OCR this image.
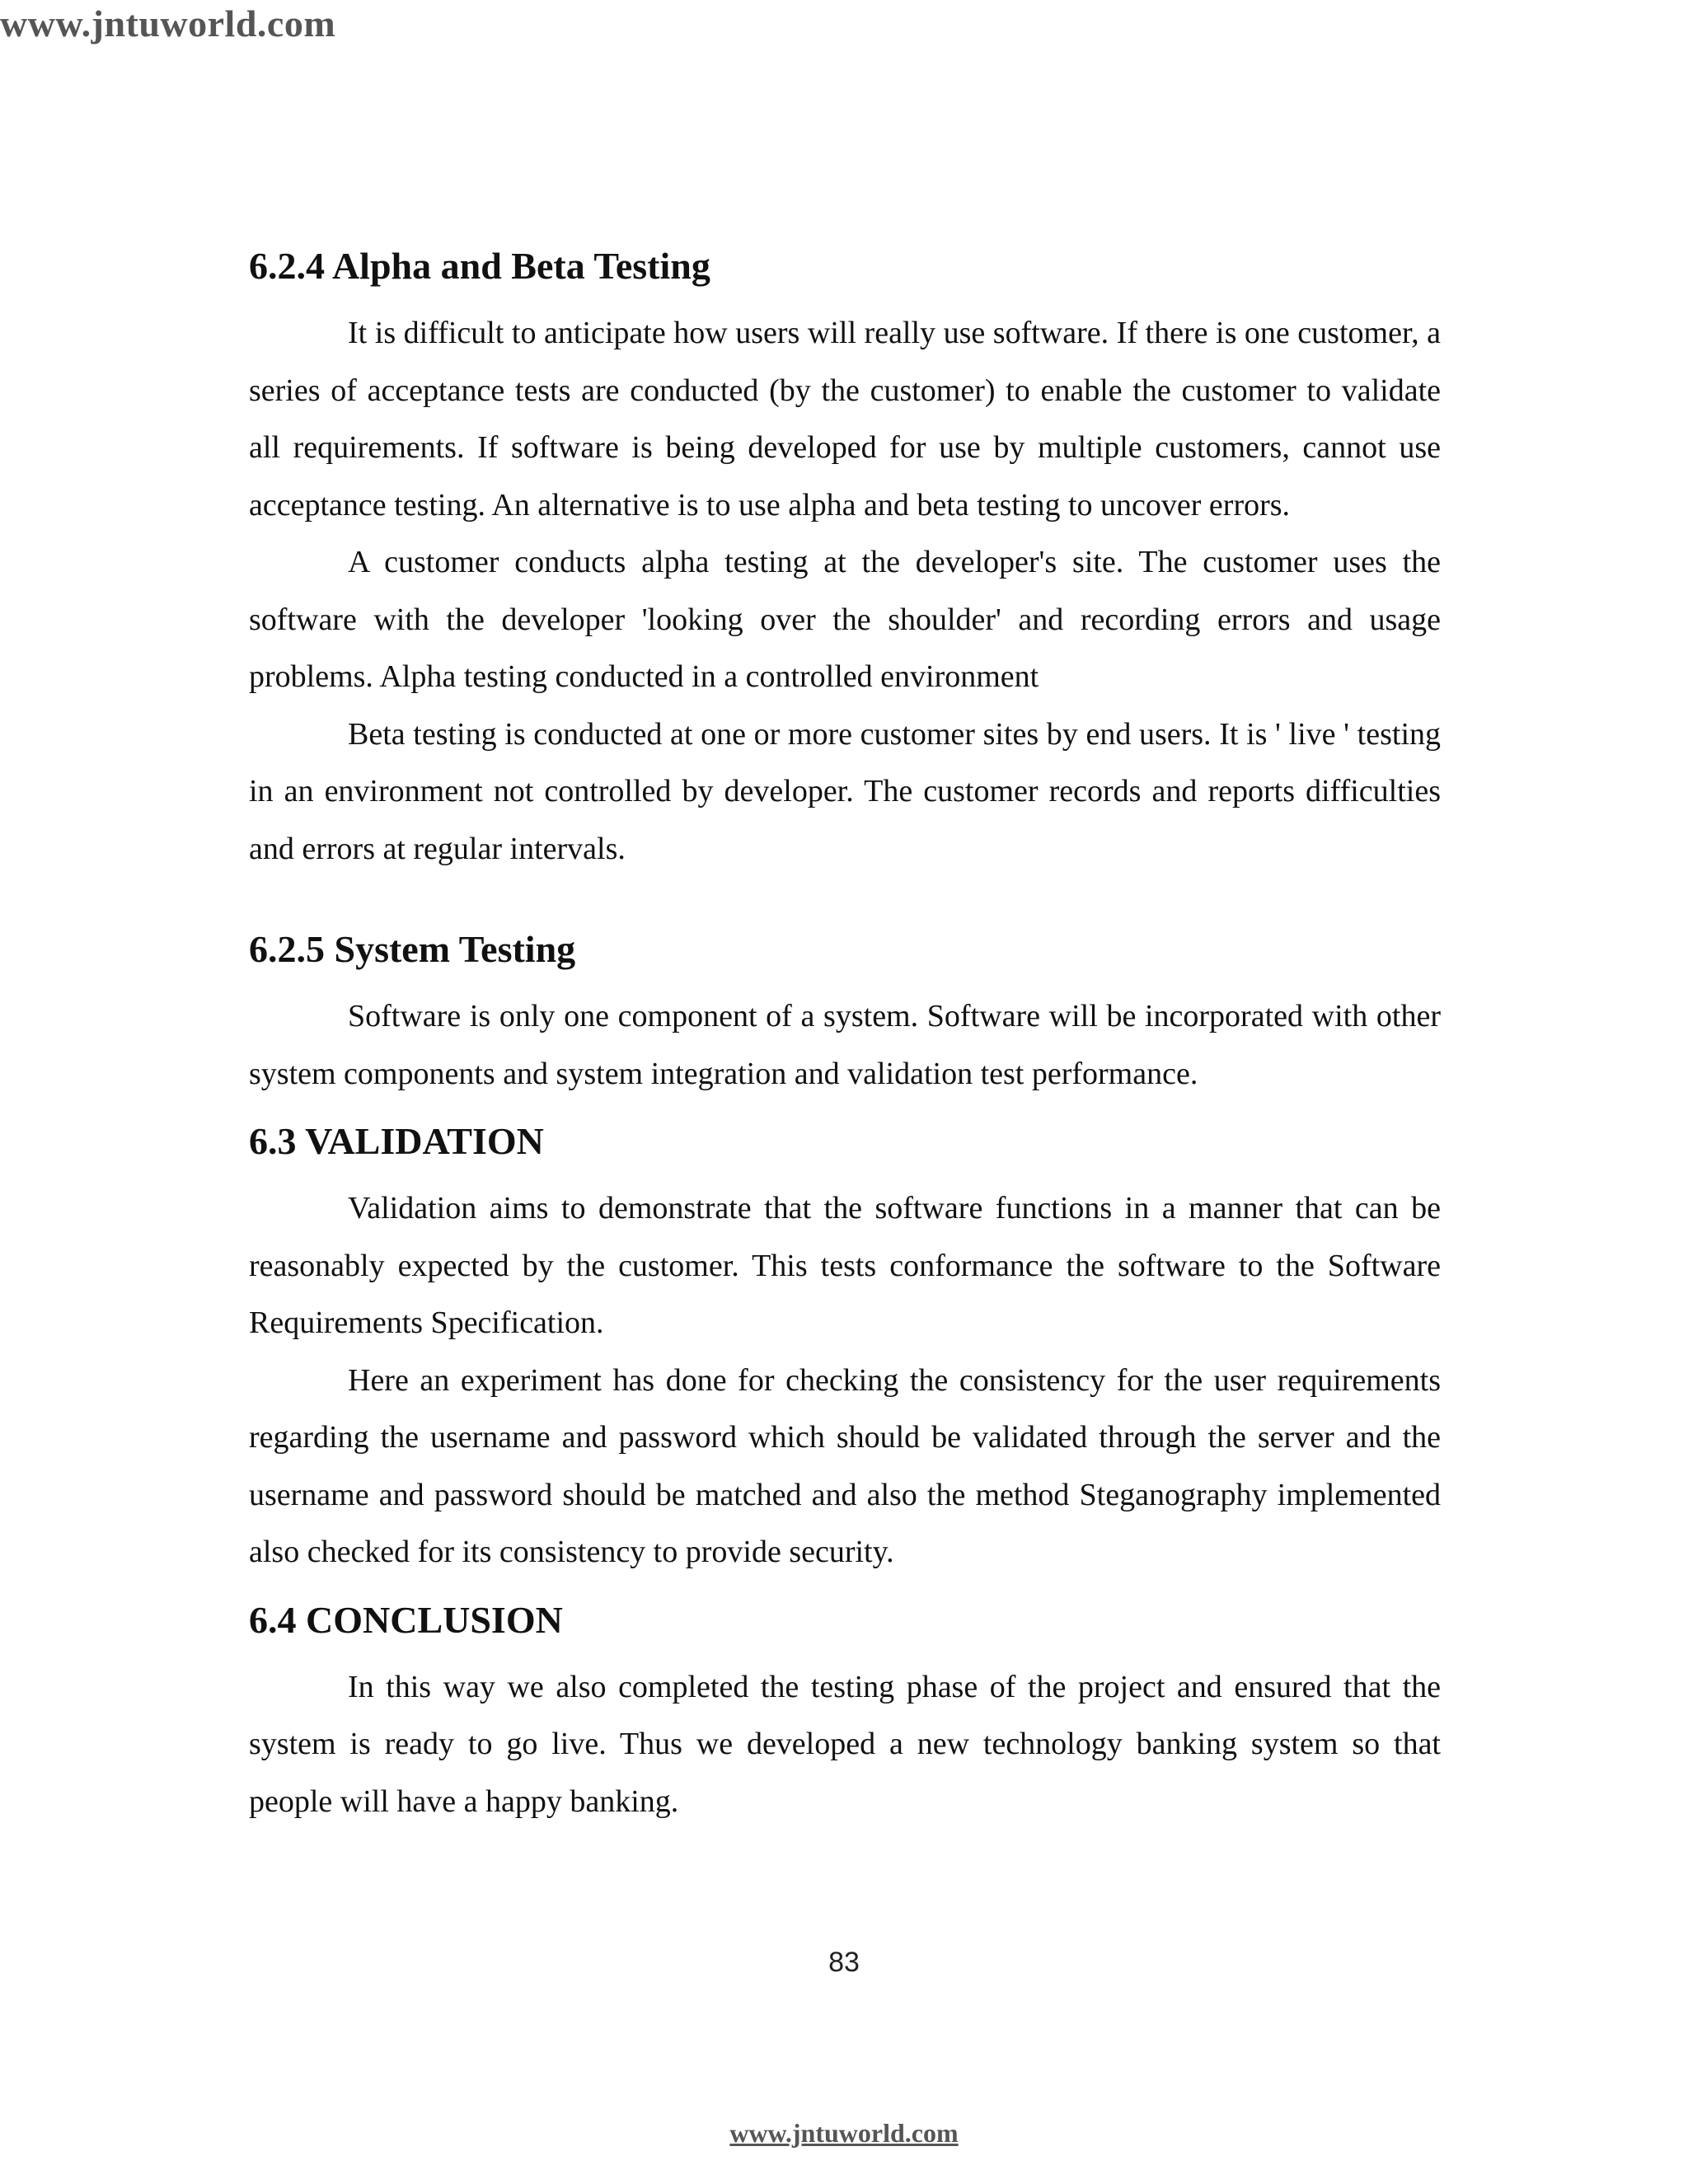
www.jntuworld.com
6.2.4 Alpha and Beta Testing

It is difficult to anticipate how users will really use software. If there is one customer, a series of acceptance tests are conducted (by the customer) to enable the customer to validate all requirements. If software is being developed for use by multiple customers, cannot use acceptance testing. An alternative is to use alpha and beta testing to uncover errors.

A customer conducts alpha testing at the developer's site. The customer uses the software with the developer 'looking over the shoulder' and recording errors and usage problems. Alpha testing conducted in a controlled environment

Beta testing is conducted at one or more customer sites by end users. It is ' live ' testing in an environment not controlled by developer. The customer records and reports difficulties and errors at regular intervals.

6.2.5 System Testing

Software is only one component of a system. Software will be incorporated with other system components and system integration and validation test performance.

6.3 VALIDATION

Validation aims to demonstrate that the software functions in a manner that can be reasonably expected by the customer. This tests conformance the software to the Software Requirements Specification.

Here an experiment has done for checking the consistency for the user requirements regarding the username and password which should be validated through the server and the username and password should be matched and also the method Steganography implemented also checked for its consistency to provide security.

6.4 CONCLUSION

In this way we also completed the testing phase of the project and ensured that the system is ready to go live. Thus we developed a new technology banking system so that people will have a happy banking.

83
www.jntuworld.com
